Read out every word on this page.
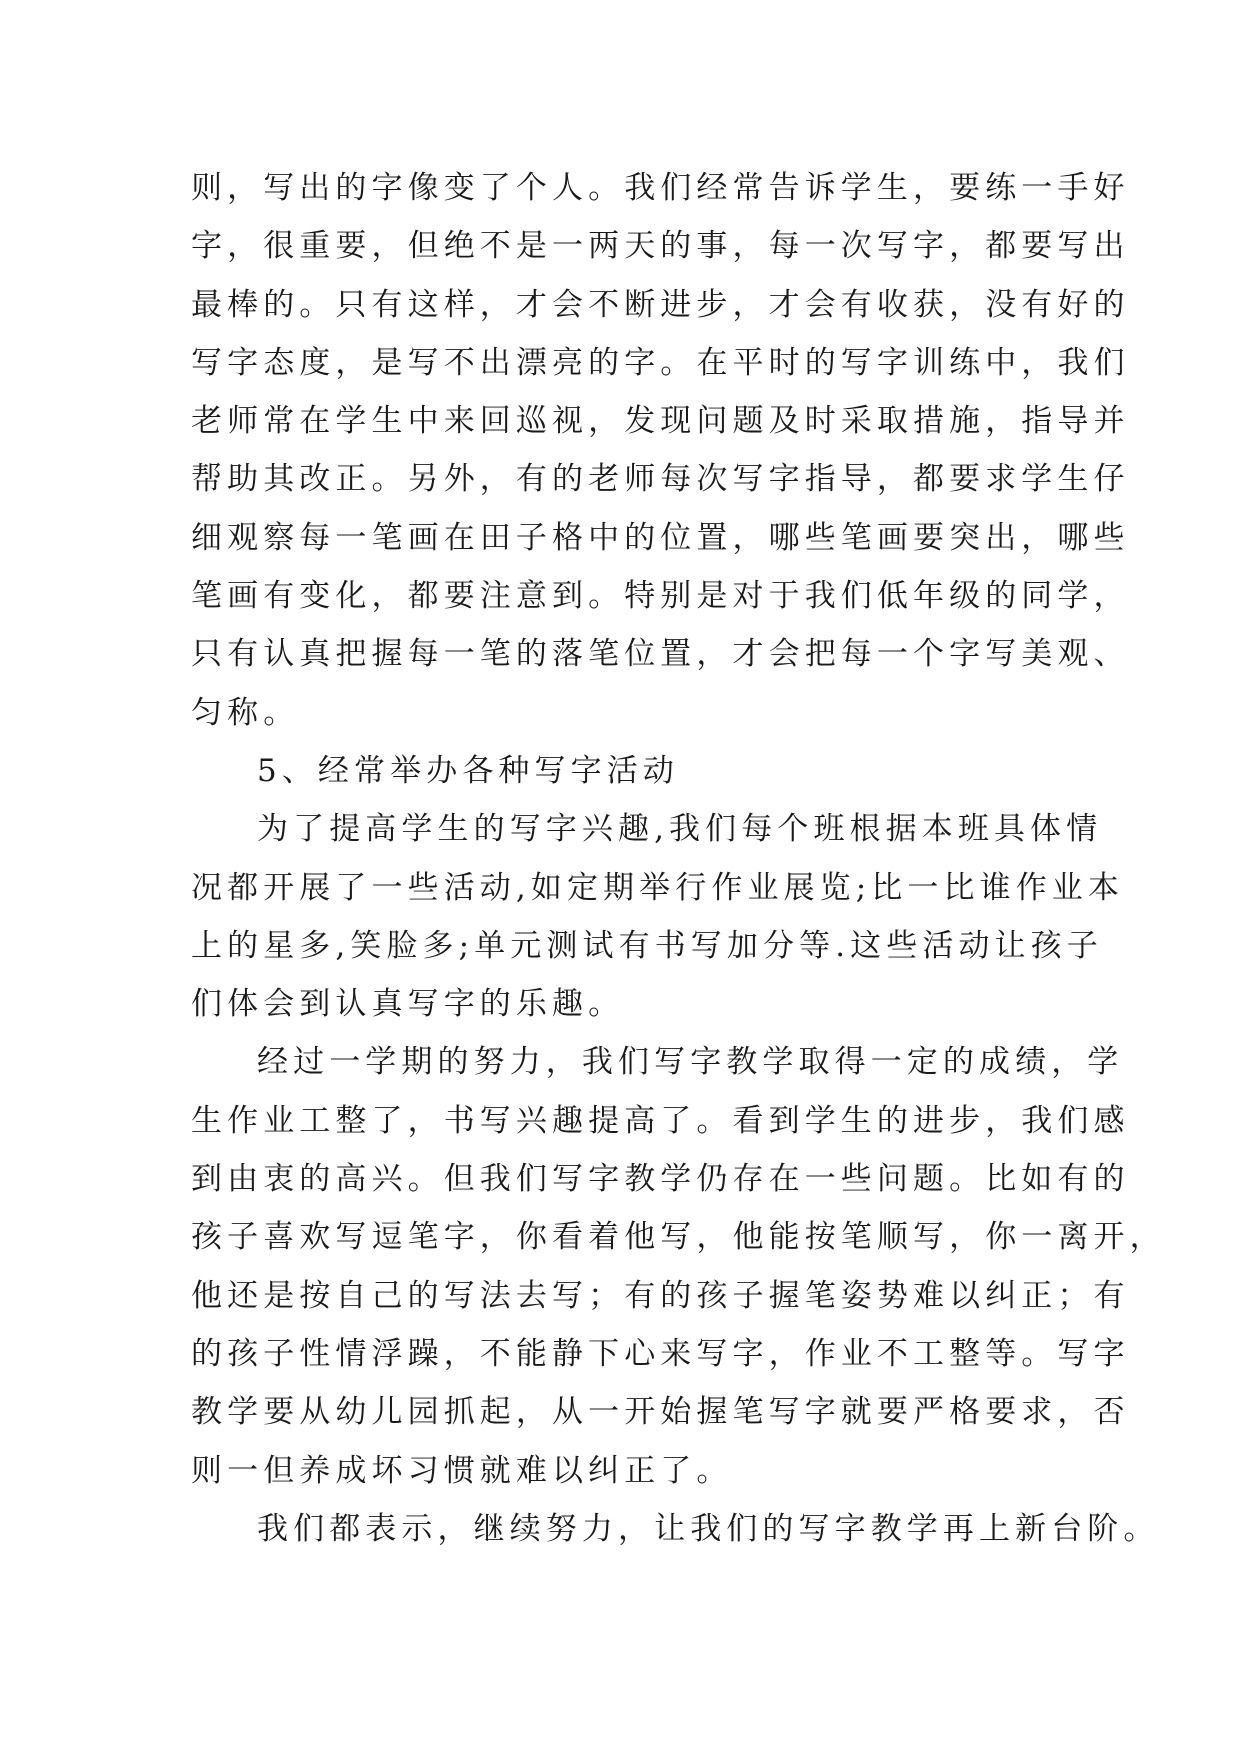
则，写出的字像变了个人。我们经常告诉学生，要练一手好
字，很重要，但绝不是一两天的事，每一次写字，都要写出
最棒的。只有这样，才会不断进步，才会有收获，没有好的
写字态度，是写不出漂亮的字。在平时的写字训练中，我们
老师常在学生中来回巡视，发现问题及时采取措施，指导并
帮助其改正。另外，有的老师每次写字指导，都要求学生仔
细观察每一笔画在田子格中的位置，哪些笔画要突出，哪些
笔画有变化，都要注意到。特别是对于我们低年级的同学，
只有认真把握每一笔的落笔位置，才会把每一个字写美观、
匀称。
5、经常举办各种写字活动
为了提高学生的写字兴趣,我们每个班根据本班具体情
况都开展了一些活动,如定期举行作业展览;比一比谁作业本
上的星多,笑脸多;单元测试有书写加分等.这些活动让孩子
们体会到认真写字的乐趣。
经过一学期的努力，我们写字教学取得一定的成绩，学
生作业工整了，书写兴趣提高了。看到学生的进步，我们感
到由衷的高兴。但我们写字教学仍存在一些问题。比如有的
孩子喜欢写逗笔字，你看着他写，他能按笔顺写，你一离开，
他还是按自己的写法去写；有的孩子握笔姿势难以纠正；有
的孩子性情浮躁，不能静下心来写字，作业不工整等。写字
教学要从幼儿园抓起，从一开始握笔写字就要严格要求，否
则一但养成坏习惯就难以纠正了。
我们都表示，继续努力，让我们的写字教学再上新台阶。
